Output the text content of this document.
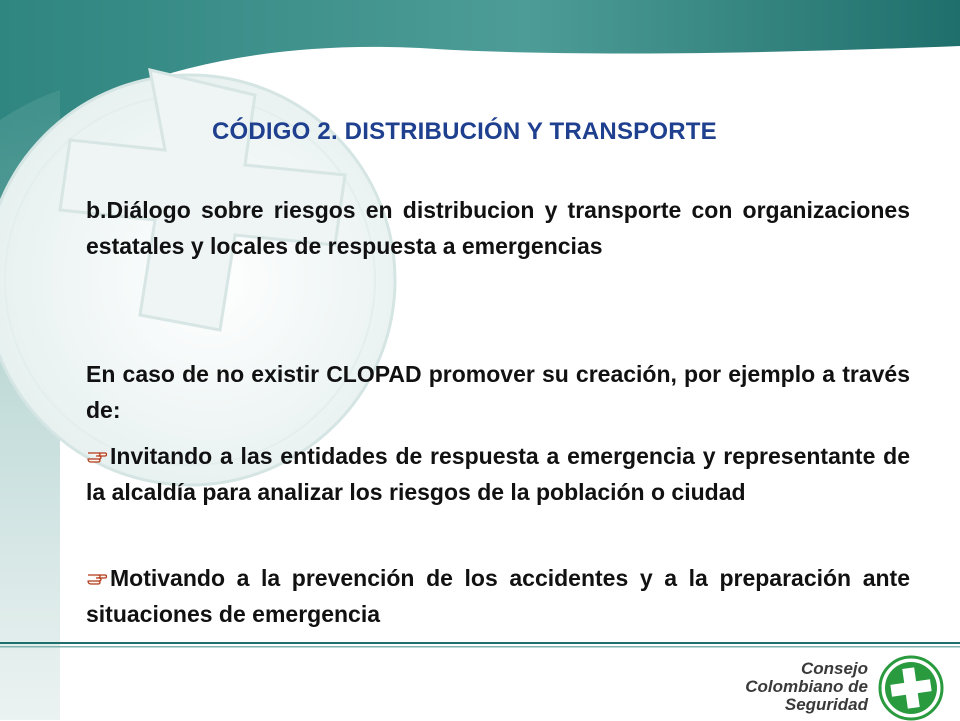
CÓDIGO 2. DISTRIBUCIÓN Y TRANSPORTE
b.Diálogo sobre riesgos en distribucion y transporte con organizaciones estatales y locales de respuesta a emergencias
En caso de no existir CLOPAD promover su creación, por ejemplo a través de:
Invitando a las entidades de respuesta a emergencia y representante de la alcaldía para analizar los riesgos de la población o ciudad
Motivando a la prevención de los accidentes y a la preparación ante situaciones de emergencia
Consejo
Colombiano de
Seguridad
